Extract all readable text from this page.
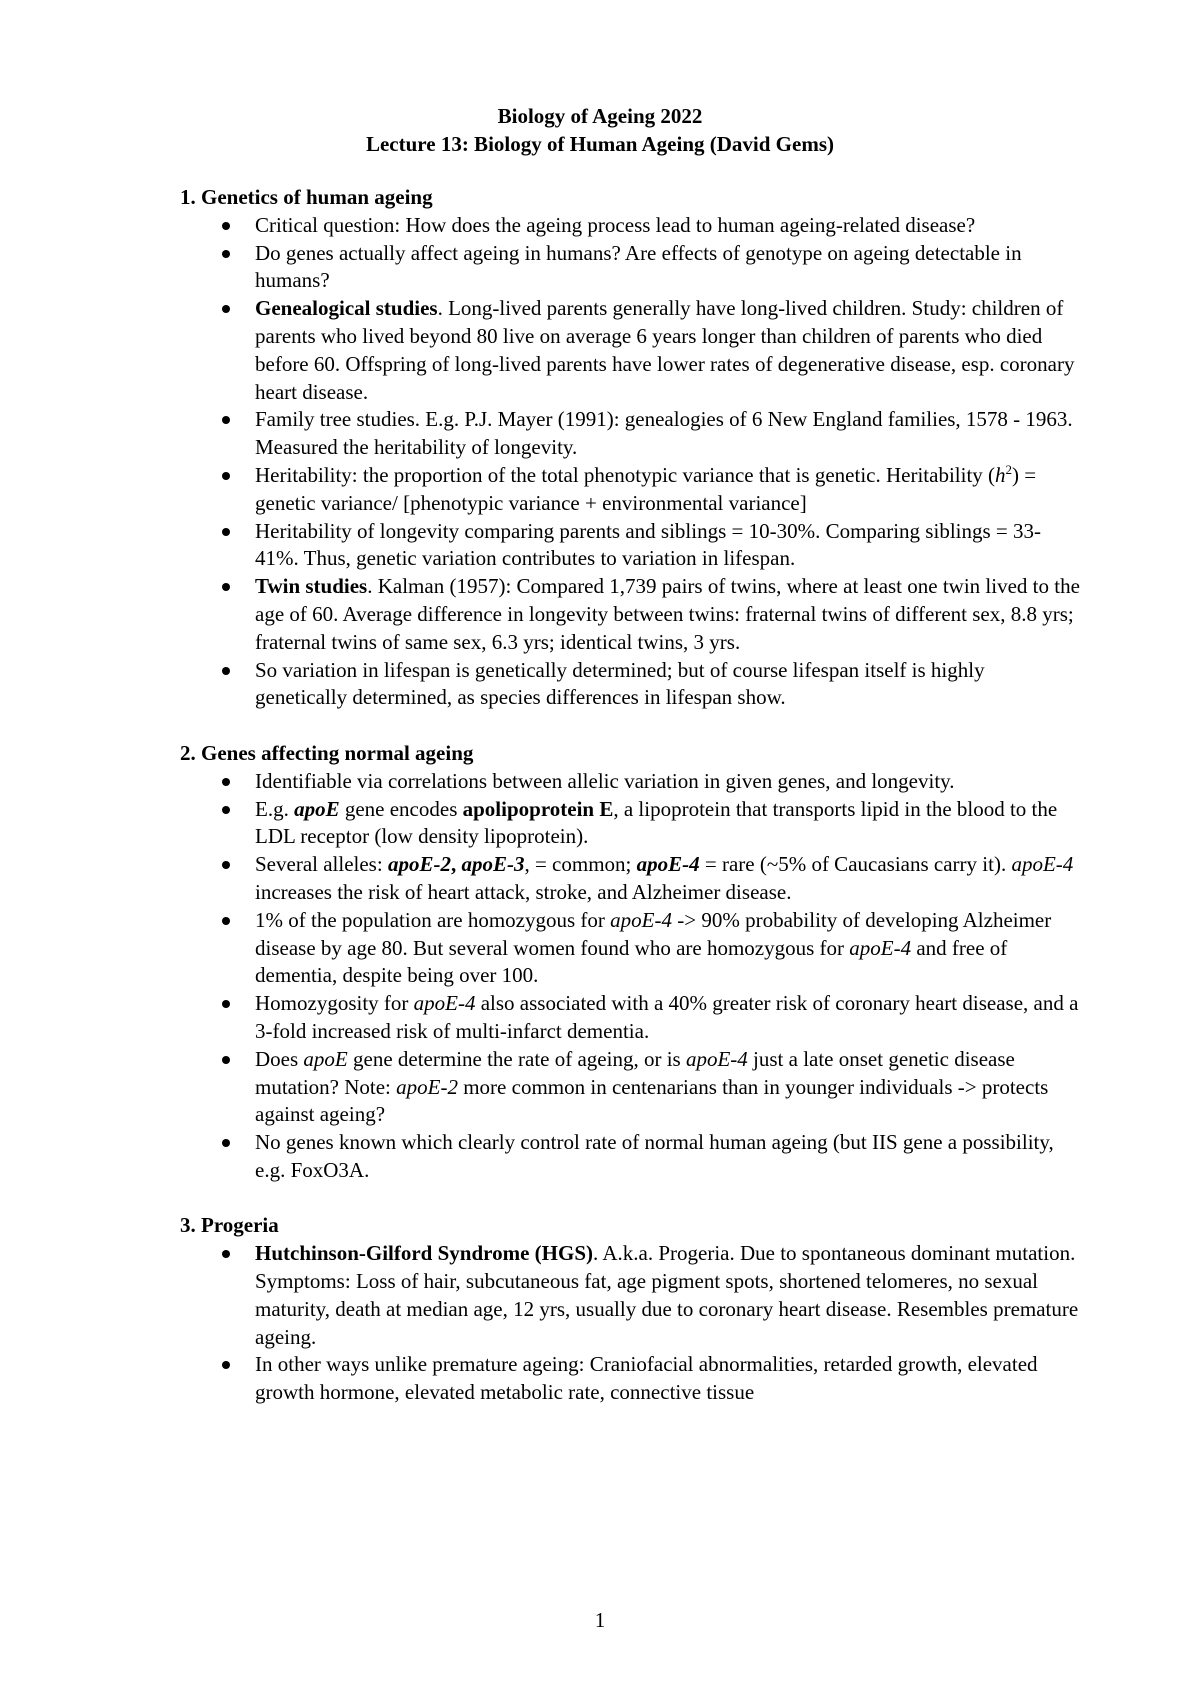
Biology of Ageing 2022
Lecture 13: Biology of Human Ageing (David Gems)
1. Genetics of human ageing
Critical question: How does the ageing process lead to human ageing-related disease?
Do genes actually affect ageing in humans? Are effects of genotype on ageing detectable in humans?
Genealogical studies. Long-lived parents generally have long-lived children. Study: children of parents who lived beyond 80 live on average 6 years longer than children of parents who died before 60. Offspring of long-lived parents have lower rates of degenerative disease, esp. coronary heart disease.
Family tree studies. E.g. P.J. Mayer (1991): genealogies of 6 New England families, 1578 - 1963. Measured the heritability of longevity.
Heritability: the proportion of the total phenotypic variance that is genetic. Heritability $(h^2)$ = genetic variance/ [phenotypic variance + environmental variance]
Heritability of longevity comparing parents and siblings = 10-30%. Comparing siblings = 33-41%. Thus, genetic variation contributes to variation in lifespan.
Twin studies. Kalman (1957): Compared 1,739 pairs of twins, where at least one twin lived to the age of 60. Average difference in longevity between twins: fraternal twins of different sex, 8.8 yrs; fraternal twins of same sex, 6.3 yrs; identical twins, 3 yrs.
So variation in lifespan is genetically determined; but of course lifespan itself is highly genetically determined, as species differences in lifespan show.
2. Genes affecting normal ageing
Identifiable via correlations between allelic variation in given genes, and longevity.
E.g. apoE gene encodes apolipoprotein E, a lipoprotein that transports lipid in the blood to the LDL receptor (low density lipoprotein).
Several alleles: apoE-2, apoE-3, = common; apoE-4 = rare (~5% of Caucasians carry it). apoE-4 increases the risk of heart attack, stroke, and Alzheimer disease.
1% of the population are homozygous for apoE-4 -> 90% probability of developing Alzheimer disease by age 80. But several women found who are homozygous for apoE-4 and free of dementia, despite being over 100.
Homozygosity for apoE-4 also associated with a 40% greater risk of coronary heart disease, and a 3-fold increased risk of multi-infarct dementia.
Does apoE gene determine the rate of ageing, or is apoE-4 just a late onset genetic disease mutation? Note: apoE-2 more common in centenarians than in younger individuals -> protects against ageing?
No genes known which clearly control rate of normal human ageing (but IIS gene a possibility, e.g. FoxO3A.
3. Progeria
Hutchinson-Gilford Syndrome (HGS). A.k.a. Progeria. Due to spontaneous dominant mutation. Symptoms: Loss of hair, subcutaneous fat, age pigment spots, shortened telomeres, no sexual maturity, death at median age, 12 yrs, usually due to coronary heart disease. Resembles premature ageing.
In other ways unlike premature ageing: Craniofacial abnormalities, retarded growth, elevated growth hormone, elevated metabolic rate, connective tissue
1
